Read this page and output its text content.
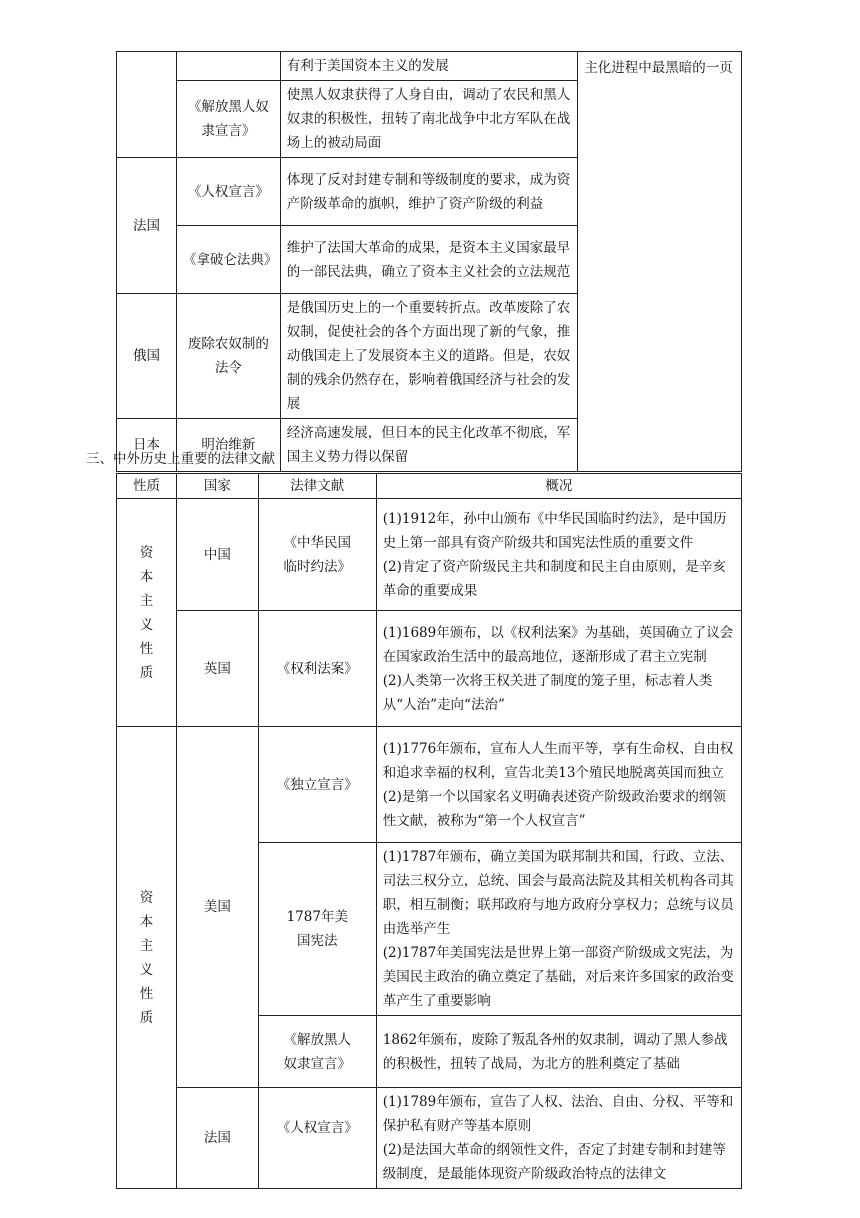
		有利于美国资本主义的发展	主化进程中最黑暗的一页
	《解放黑人奴隶宣言》	使黑人奴隶获得了人身自由，调动了农民和黑人奴隶的积极性，扭转了南北战争中北方军队在战场上的被动局面	
法国	《人权宣言》	体现了反对封建专制和等级制度的要求，成为资产阶级革命的旗帜，维护了资产阶级的利益	
	《拿破仑法典》	维护了法国大革命的成果，是资本主义国家最早的一部民法典，确立了资本主义社会的立法规范	
俄国	废除农奴制的法令	是俄国历史上的一个重要转折点。改革废除了农奴制，促使社会的各个方面出现了新的气象，推动俄国走上了发展资本主义的道路。但是，农奴制的残余仍然存在，影响着俄国经济与社会的发展	
日本	明治维新	经济高速发展，但日本的民主化改革不彻底，军国主义势力得以保留	
三、中外历史上重要的法律文献
性质	国家	法律文献	概况
资本主义性质	中国	《中华民国临时约法》	(1)1912年，孙中山颁布《中华民国临时约法》，是中国历史上第一部具有资产阶级共和国宪法性质的重要文件
(2)肯定了资产阶级民主共和制度和民主自由原则，是辛亥革命的重要成果
	英国	《权利法案》	(1)1689年颁布，以《权利法案》为基础，英国确立了议会在国家政治生活中的最高地位，逐渐形成了君主立宪制
(2)人类第一次将王权关进了制度的笼子里，标志着人类从“人治”走向“法治”
资本主义性质	美国	《独立宣言》	(1)1776年颁布，宣布人人生而平等，享有生命权、自由权和追求幸福的权利，宣告北美13个殖民地脱离英国而独立
(2)是第一个以国家名义明确表述资产阶级政治要求的纲领性文献，被称为“第一个人权宣言”
		1787年美国宪法	(1)1787年颁布，确立美国为联邦制共和国，行政、立法、司法三权分立，总统、国会与最高法院及其相关机构各司其职，相互制衡；联邦政府与地方政府分享权力；总统与议员由选举产生
(2)1787年美国宪法是世界上第一部资产阶级成文宪法，为美国民主政治的确立奠定了基础，对后来许多国家的政治变革产生了重要影响
		《解放黑人奴隶宣言》	1862年颁布，废除了叛乱各州的奴隶制，调动了黑人参战的积极性，扭转了战局，为北方的胜利奠定了基础
	法国	《人权宣言》	(1)1789年颁布，宣告了人权、法治、自由、分权、平等和保护私有财产等基本原则
(2)是法国大革命的纲领性文件，否定了封建专制和封建等级制度，是最能体现资产阶级政治特点的法律文
